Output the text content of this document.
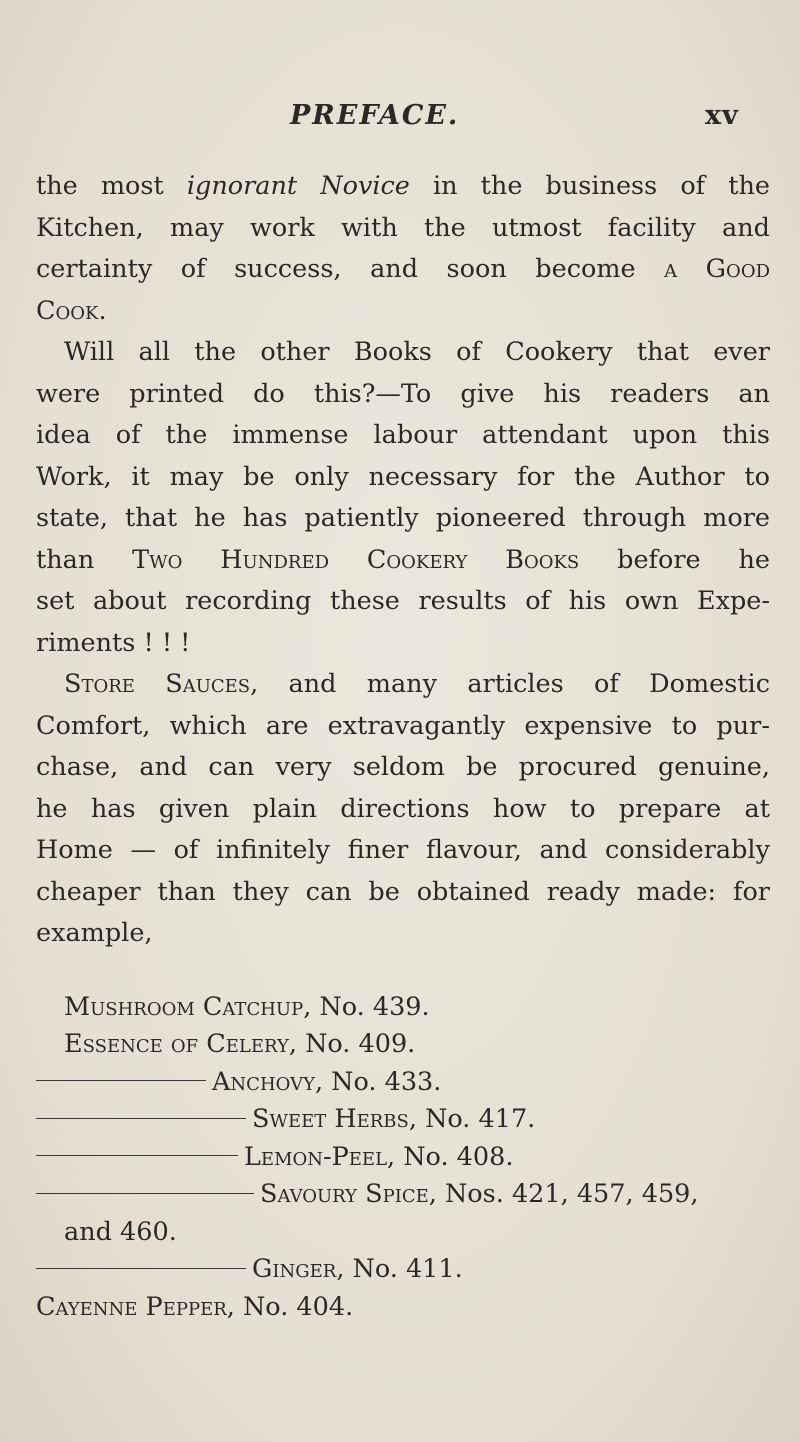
PREFACE.	xv
the most ignorant Novice in the business of the
Kitchen, may work with the utmost facility and
certainty of success, and soon become a Good
Cook.
Will all the other Books of Cookery that ever
were printed do this?—To give his readers an
idea of the immense labour attendant upon this
Work, it may be only necessary for the Author to
state, that he has patiently pioneered through more
than Two Hundred Cookery Books before he
set about recording these results of his own Expe-
riments ! ! !
Store Sauces, and many articles of Domestic
Comfort, which are extravagantly expensive to pur-
chase, and can very seldom be procured genuine,
he has given plain directions how to prepare at
Home — of infinitely finer flavour, and considerably
cheaper than they can be obtained ready made: for
example,
Mushroom Catchup, No. 439.
Essence of Celery, No. 409.
Anchovy, No. 433.
Sweet Herbs, No. 417.
Lemon-Peel, No. 408.
Savoury Spice, Nos. 421, 457, 459,
and 460.
Ginger, No. 411.
Cayenne Pepper, No. 404.
